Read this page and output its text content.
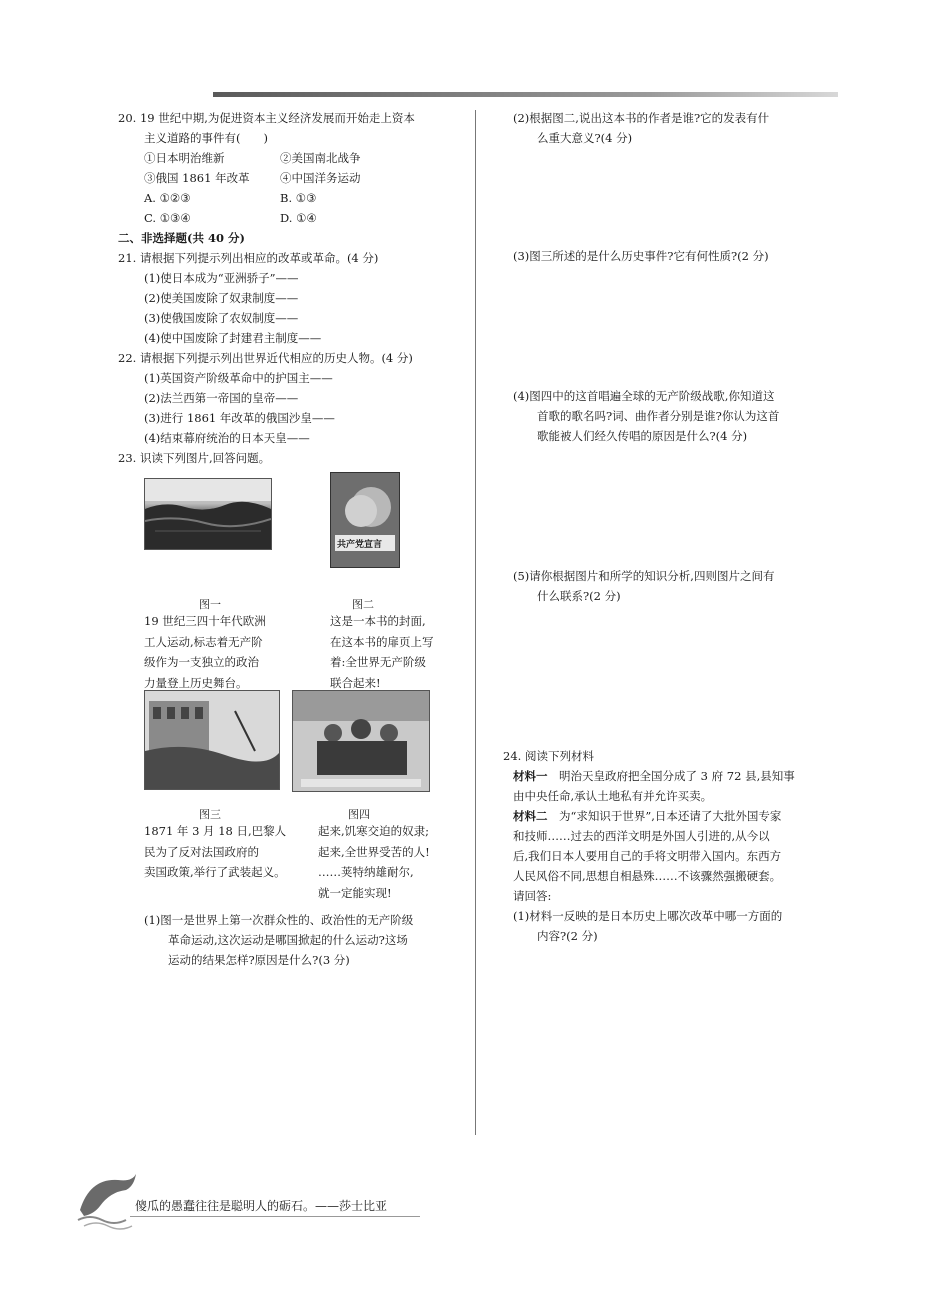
20. 19 世纪中期,为促进资本主义经济发展而开始走上资本
主义道路的事件有(　　)
①日本明治维新	②美国南北战争
③俄国 1861 年改革	④中国洋务运动
A. ①②③	B. ①③
C. ①③④	D. ①④
二、非选择题(共 40 分)
21. 请根据下列提示列出相应的改革或革命。(4 分)
(1)使日本成为“亚洲骄子”——
(2)使美国废除了奴隶制度——
(3)使俄国废除了农奴制度——
(4)使中国废除了封建君主制度——
22. 请根据下列提示列出世界近代相应的历史人物。(4 分)
(1)英国资产阶级革命中的护国主——
(2)法兰西第一帝国的皇帝——
(3)进行 1861 年改革的俄国沙皇——
(4)结束幕府统治的日本天皇——
23. 识读下列图片,回答问题。
图一
19 世纪三四十年代欧洲
工人运动,标志着无产阶
级作为一支独立的政治
力量登上历史舞台。
共产党宣言
图二
这是一本书的封面,
在这本书的扉页上写
着:全世界无产阶级
联合起来!
图三
1871 年 3 月 18 日,巴黎人
民为了反对法国政府的
卖国政策,举行了武装起义。
图四
起来,饥寒交迫的奴隶;
起来,全世界受苦的人!
……荚特纳雄耐尔,
就一定能实现!
(1)图一是世界上第一次群众性的、政治性的无产阶级
革命运动,这次运动是哪国掀起的什么运动?这场
运动的结果怎样?原因是什么?(3 分)
(2)根据图二,说出这本书的作者是谁?它的发表有什
么重大意义?(4 分)
(3)图三所述的是什么历史事件?它有何性质?(2 分)
(4)图四中的这首唱遍全球的无产阶级战歌,你知道这
首歌的歌名吗?词、曲作者分别是谁?你认为这首
歌能被人们经久传唱的原因是什么?(4 分)
(5)请你根据图片和所学的知识分析,四则图片之间有
什么联系?(2 分)
24. 阅读下列材料
材料一　明治天皇政府把全国分成了 3 府 72 县,县知事
由中央任命,承认土地私有并允许买卖。
材料二　为“求知识于世界”,日本还请了大批外国专家
和技师……过去的西洋文明是外国人引进的,从今以
后,我们日本人要用自己的手将文明带入国内。东西方
人民风俗不同,思想自相悬殊……不该骤然强搬硬套。
请回答:
(1)材料一反映的是日本历史上哪次改革中哪一方面的
内容?(2 分)
傻瓜的愚蠢往往是聪明人的砺石。——莎士比亚
